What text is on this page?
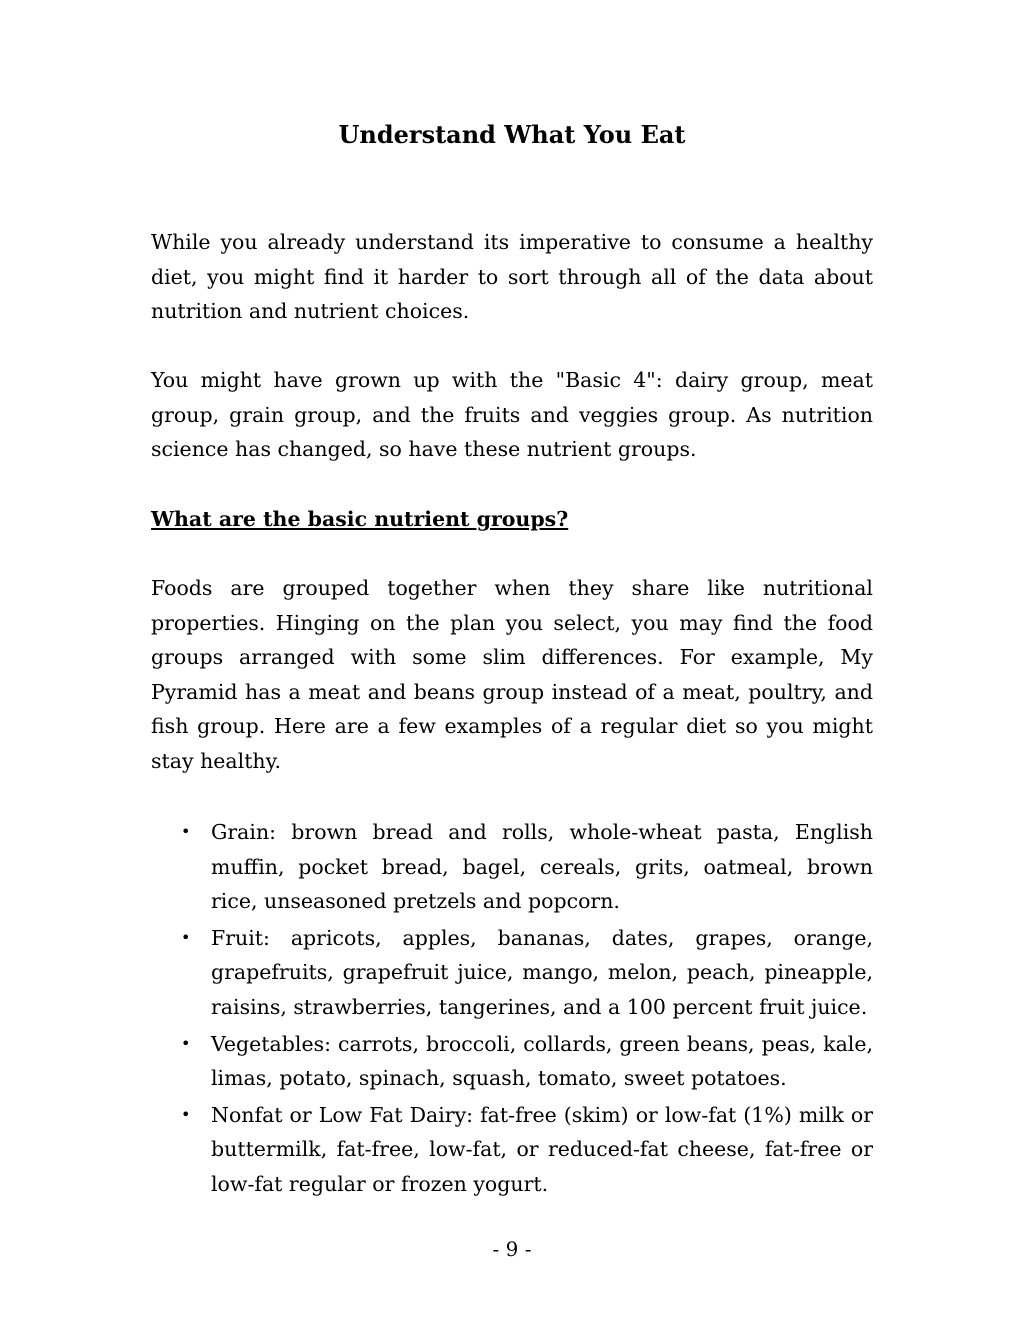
Understand What You Eat

While you already understand its imperative to consume a healthy diet, you might find it harder to sort through all of the data about nutrition and nutrient choices.

You might have grown up with the "Basic 4": dairy group, meat group, grain group, and the fruits and veggies group. As nutrition science has changed, so have these nutrient groups.

What are the basic nutrient groups?

Foods are grouped together when they share like nutritional properties. Hinging on the plan you select, you may find the food groups arranged with some slim differences. For example, My Pyramid has a meat and beans group instead of a meat, poultry, and fish group. Here are a few examples of a regular diet so you might stay healthy.

• Grain: brown bread and rolls, whole-wheat pasta, English muffin, pocket bread, bagel, cereals, grits, oatmeal, brown rice, unseasoned pretzels and popcorn.
• Fruit: apricots, apples, bananas, dates, grapes, orange, grapefruits, grapefruit juice, mango, melon, peach, pineapple, raisins, strawberries, tangerines, and a 100 percent fruit juice.
• Vegetables: carrots, broccoli, collards, green beans, peas, kale, limas, potato, spinach, squash, tomato, sweet potatoes.
• Nonfat or Low Fat Dairy: fat-free (skim) or low-fat (1%) milk or buttermilk, fat-free, low-fat, or reduced-fat cheese, fat-free or low-fat regular or frozen yogurt.

- 9 -
